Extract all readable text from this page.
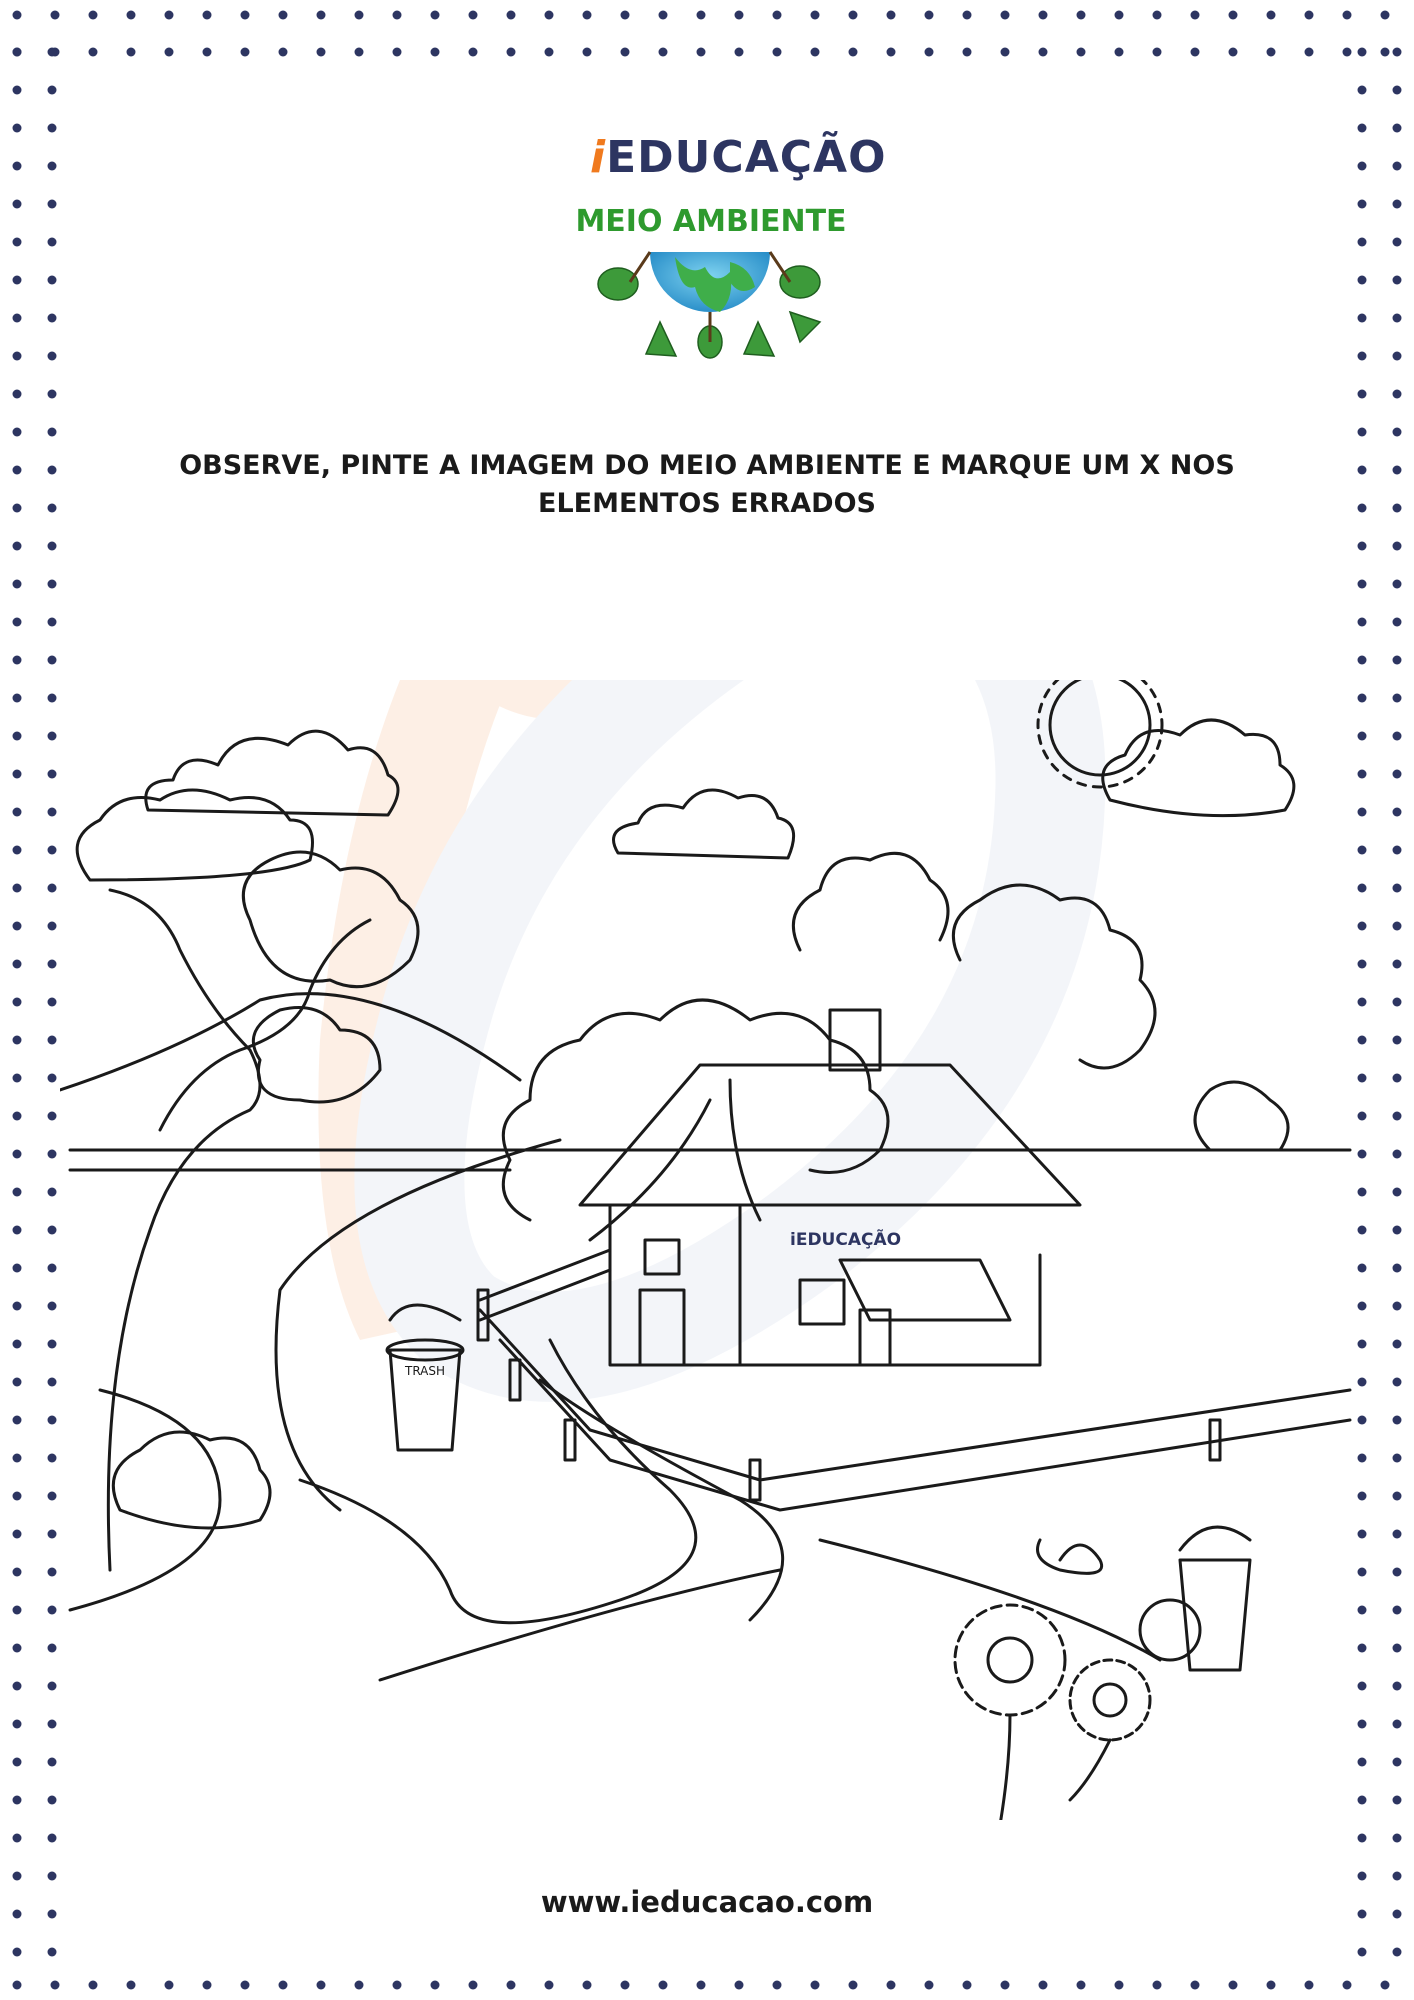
iEDUCAÇÃO
MEIO AMBIENTE
OBSERVE, PINTE A IMAGEM DO MEIO AMBIENTE E MARQUE UM X NOS
ELEMENTOS ERRADOS
iEDUCAÇÃO
TRASH
www.ieducacao.com
